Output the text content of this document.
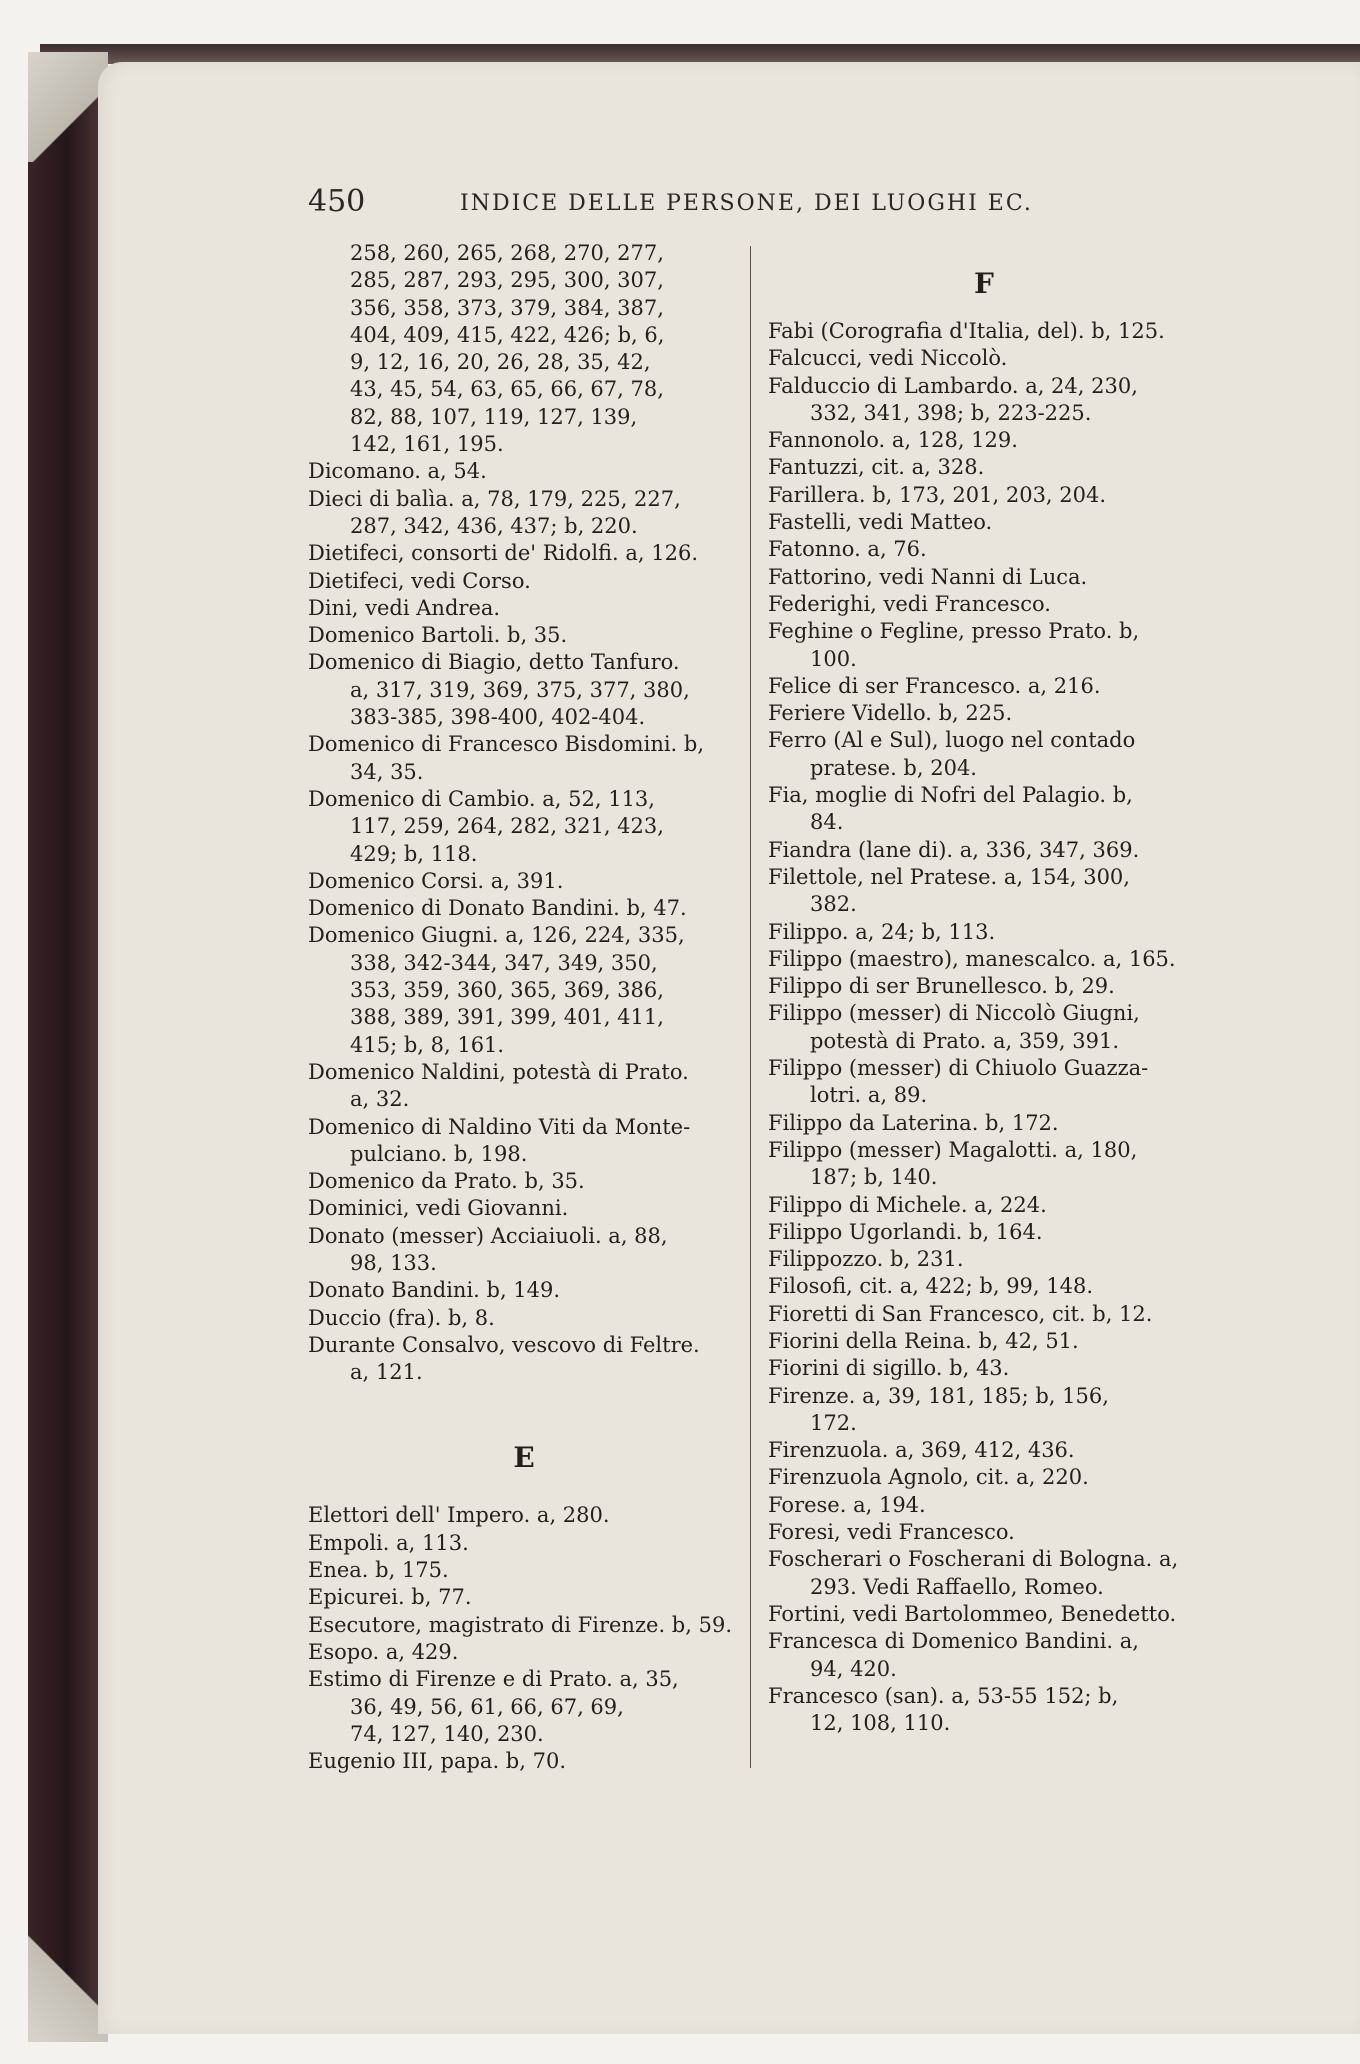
450	INDICE DELLE PERSONE, DEI LUOGHI EC.
258, 260, 265, 268, 270, 277,
285, 287, 293, 295, 300, 307,
356, 358, 373, 379, 384, 387,
404, 409, 415, 422, 426; b, 6,
9, 12, 16, 20, 26, 28, 35, 42,
43, 45, 54, 63, 65, 66, 67, 78,
82, 88, 107, 119, 127, 139,
142, 161, 195.
Dicomano. a, 54.
Dieci di balìa. a, 78, 179, 225, 227,
287, 342, 436, 437; b, 220.
Dietifeci, consorti de' Ridolfi. a, 126.
Dietifeci, vedi Corso.
Dini, vedi Andrea.
Domenico Bartoli. b, 35.
Domenico di Biagio, detto Tanfuro.
a, 317, 319, 369, 375, 377, 380,
383-385, 398-400, 402-404.
Domenico di Francesco Bisdomini. b,
34, 35.
Domenico di Cambio. a, 52, 113,
117, 259, 264, 282, 321, 423,
429; b, 118.
Domenico Corsi. a, 391.
Domenico di Donato Bandini. b, 47.
Domenico Giugni. a, 126, 224, 335,
338, 342-344, 347, 349, 350,
353, 359, 360, 365, 369, 386,
388, 389, 391, 399, 401, 411,
415; b, 8, 161.
Domenico Naldini, potestà di Prato.
a, 32.
Domenico di Naldino Viti da Monte-
pulciano. b, 198.
Domenico da Prato. b, 35.
Dominici, vedi Giovanni.
Donato (messer) Acciaiuoli. a, 88,
98, 133.
Donato Bandini. b, 149.
Duccio (fra). b, 8.
Durante Consalvo, vescovo di Feltre.
a, 121.
E
Elettori dell' Impero. a, 280.
Empoli. a, 113.
Enea. b, 175.
Epicurei. b, 77.
Esecutore, magistrato di Firenze. b, 59.
Esopo. a, 429.
Estimo di Firenze e di Prato. a, 35,
36, 49, 56, 61, 66, 67, 69,
74, 127, 140, 230.
Eugenio III, papa. b, 70.
F
Fabi (Corografia d'Italia, del). b, 125.
Falcucci, vedi Niccolò.
Falduccio di Lambardo. a, 24, 230,
332, 341, 398; b, 223-225.
Fannonolo. a, 128, 129.
Fantuzzi, cit. a, 328.
Farillera. b, 173, 201, 203, 204.
Fastelli, vedi Matteo.
Fatonno. a, 76.
Fattorino, vedi Nanni di Luca.
Federighi, vedi Francesco.
Feghine o Fegline, presso Prato. b,
100.
Felice di ser Francesco. a, 216.
Feriere Vidello. b, 225.
Ferro (Al e Sul), luogo nel contado
pratese. b, 204.
Fia, moglie di Nofri del Palagio. b,
84.
Fiandra (lane di). a, 336, 347, 369.
Filettole, nel Pratese. a, 154, 300,
382.
Filippo. a, 24; b, 113.
Filippo (maestro), manescalco. a, 165.
Filippo di ser Brunellesco. b, 29.
Filippo (messer) di Niccolò Giugni,
potestà di Prato. a, 359, 391.
Filippo (messer) di Chiuolo Guazza-
lotri. a, 89.
Filippo da Laterina. b, 172.
Filippo (messer) Magalotti. a, 180,
187; b, 140.
Filippo di Michele. a, 224.
Filippo Ugorlandi. b, 164.
Filippozzo. b, 231.
Filosofi, cit. a, 422; b, 99, 148.
Fioretti di San Francesco, cit. b, 12.
Fiorini della Reina. b, 42, 51.
Fiorini di sigillo. b, 43.
Firenze. a, 39, 181, 185; b, 156,
172.
Firenzuola. a, 369, 412, 436.
Firenzuola Agnolo, cit. a, 220.
Forese. a, 194.
Foresi, vedi Francesco.
Foscherari o Foscherani di Bologna. a,
293. Vedi Raffaello, Romeo.
Fortini, vedi Bartolommeo, Benedetto.
Francesca di Domenico Bandini. a,
94, 420.
Francesco (san). a, 53-55 152; b,
12, 108, 110.
